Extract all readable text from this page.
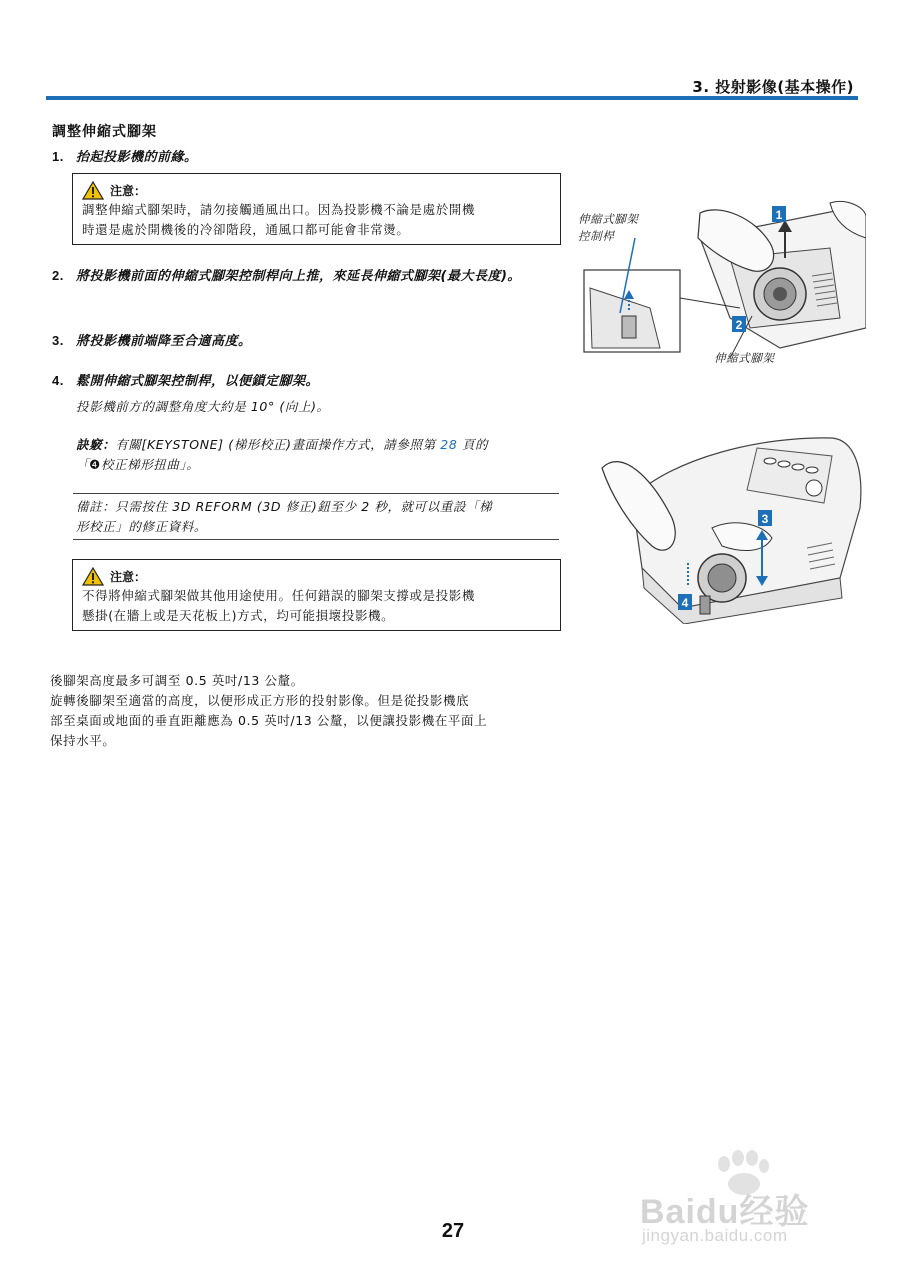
3. 投射影像(基本操作)
調整伸縮式腳架
1. 抬起投影機的前緣。
注意：
調整伸縮式腳架時，請勿接觸通風出口。因為投影機不論是處於開機
時還是處於開機後的冷卻階段，通風口都可能會非常燙。
2. 將投影機前面的伸縮式腳架控制桿向上推，來延長伸縮式腳架(最大長度)。
3. 將投影機前端降至合適高度。
4. 鬆開伸縮式腳架控制桿，以便鎖定腳架。
投影機前方的調整角度大約是 10° (向上)。
訣竅：有關[KEYSTONE] (梯形校正)畫面操作方式，請參照第 28 頁的
「❹校正梯形扭曲」。
備註：只需按住 3D REFORM (3D 修正)鈕至少 2 秒，就可以重設「梯
形校正」的修正資料。
注意：
不得將伸縮式腳架做其他用途使用。任何錯誤的腳架支撐或是投影機
懸掛(在牆上或是天花板上)方式，均可能損壞投影機。
後腳架高度最多可調至 0.5 英吋/13 公釐。
旋轉後腳架至適當的高度，以便形成正方形的投射影像。但是從投影機底
部至桌面或地面的垂直距離應為 0.5 英吋/13 公釐，以便讓投影機在平面上
保持水平。
伸縮式腳架
控制桿
伸縮式腳架
1
2
3
4
27	Baidu经验
jingyan.baidu.com
